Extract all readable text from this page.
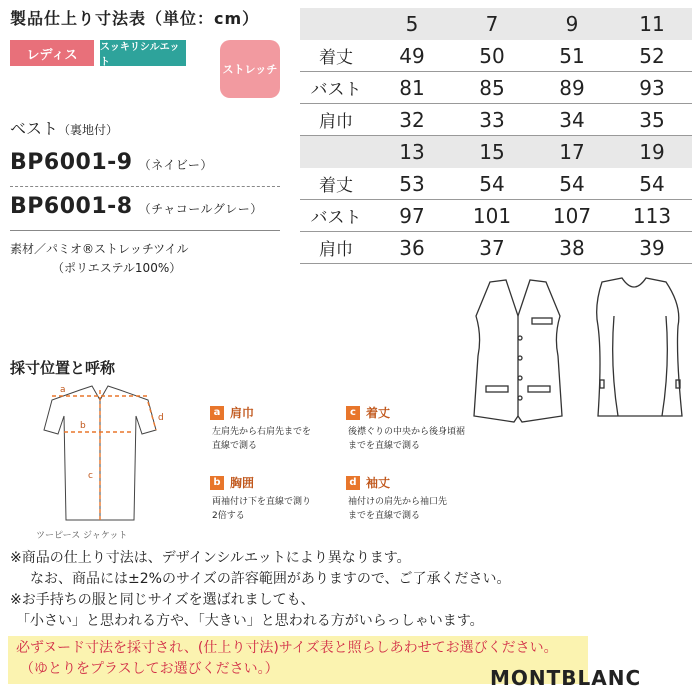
製品仕上り寸法表（単位：cm）
レディス	スッキリシルエット
ストレッチ
ベスト（裏地付）
BP6001-9 （ネイビー）
BP6001-8 （チャコールグレー）
素材／パミオ®ストレッチツイル
（ポリエステル100%）
5	7	9	11
着丈	49	50	51	52
バスト	81	85	89	93
肩巾	32	33	34	35
13	15	17	19
着丈	53	54	54	54
バスト	97	101	107	113
肩巾	36	37	38	39
採寸位置と呼称
a
b
c
d
ツーピース ジャケット
a 肩巾
左肩先から右肩先までを
直線で測る
c 着丈
後襟ぐりの中央から後身頃裾
までを直線で測る
b 胸囲
両袖付け下を直線で測り
2倍する
d 袖丈
袖付けの肩先から袖口先
までを直線で測る
※商品の仕上り寸法は、デザインシルエットにより異なります。
なお、商品には±2%のサイズの許容範囲がありますので、ご了承ください。
※お手持ちの服と同じサイズを選ばれましても、
「小さい」と思われる方や、「大きい」と思われる方がいらっしゃいます。
必ずヌード寸法を採寸され、(仕上り寸法)サイズ表と照らしあわせてお選びください。
（ゆとりをプラスしてお選びください。）	MONTBLANC
